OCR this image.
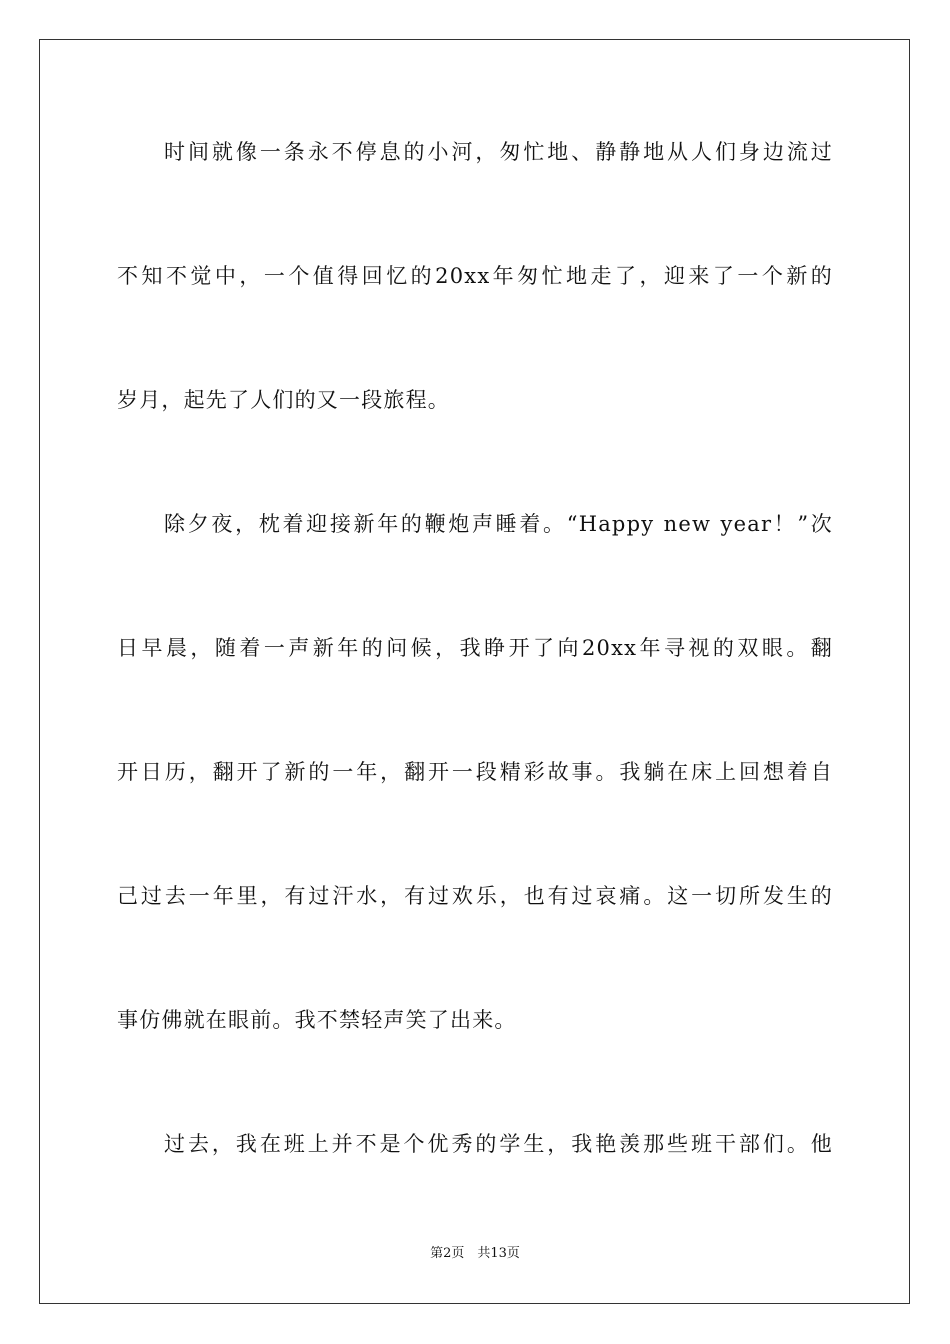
时间就像一条永不停息的小河，匆忙地、静静地从人们身边流过
不知不觉中，一个值得回忆的20xx年匆忙地走了，迎来了一个新的
岁月，起先了人们的又一段旅程。
除夕夜，枕着迎接新年的鞭炮声睡着。“Happy new year！”次
日早晨，随着一声新年的问候，我睁开了向20xx年寻视的双眼。翻
开日历，翻开了新的一年，翻开一段精彩故事。我躺在床上回想着自
己过去一年里，有过汗水，有过欢乐，也有过哀痛。这一切所发生的
事仿佛就在眼前。我不禁轻声笑了出来。
过去，我在班上并不是个优秀的学生，我艳羡那些班干部们。他
第2页　共13页
